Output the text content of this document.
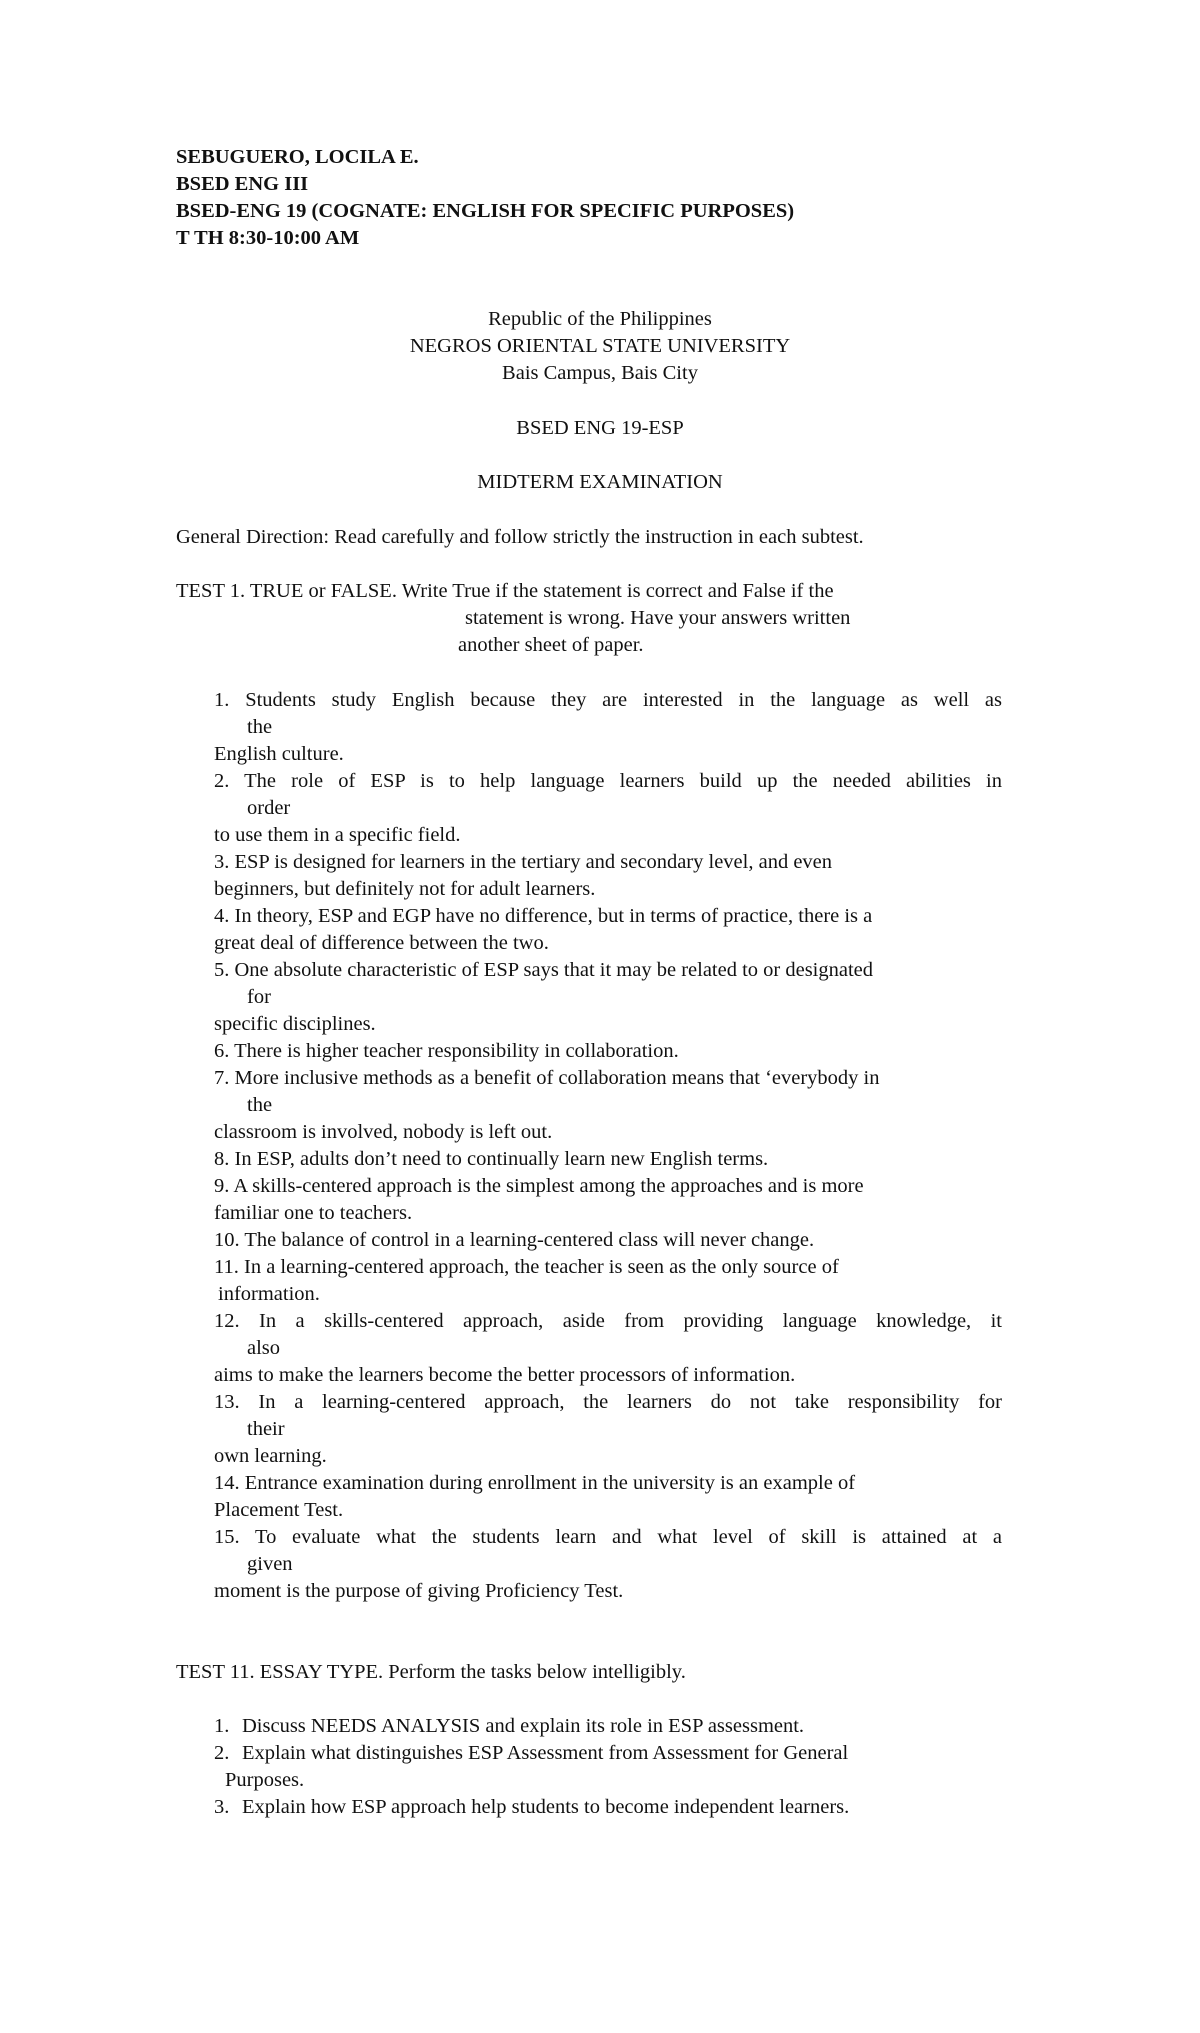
SEBUGUERO, LOCILA E.
BSED ENG III
BSED-ENG 19 (COGNATE: ENGLISH FOR SPECIFIC PURPOSES)
T TH 8:30-10:00 AM
Republic of the Philippines
NEGROS ORIENTAL STATE UNIVERSITY
Bais Campus, Bais City
BSED ENG 19-ESP
MIDTERM EXAMINATION
General Direction: Read carefully and follow strictly the instruction in each subtest.
TEST 1. TRUE or FALSE. Write True if the statement is correct and False if the
statement is wrong. Have your answers written
another sheet of paper.
1. Students study English because they are interested in the language as well as
the
English culture.
2. The role of ESP is to help language learners build up the needed abilities in
order
to use them in a specific field.
3. ESP is designed for learners in the tertiary and secondary level, and even
beginners, but definitely not for adult learners.
4. In theory, ESP and EGP have no difference, but in terms of practice, there is a
great deal of difference between the two.
5. One absolute characteristic of ESP says that it may be related to or designated
for
specific disciplines.
6. There is higher teacher responsibility in collaboration.
7. More inclusive methods as a benefit of collaboration means that ‘everybody in
the
classroom is involved, nobody is left out.
8. In ESP, adults don’t need to continually learn new English terms.
9. A skills-centered approach is the simplest among the approaches and is more
familiar one to teachers.
10. The balance of control in a learning-centered class will never change.
11. In a learning-centered approach, the teacher is seen as the only source of
information.
12. In a skills-centered approach, aside from providing language knowledge, it
also
aims to make the learners become the better processors of information.
13. In a learning-centered approach, the learners do not take responsibility for
their
own learning.
14. Entrance examination during enrollment in the university is an example of
Placement Test.
15. To evaluate what the students learn and what level of skill is attained at a
given
moment is the purpose of giving Proficiency Test.
TEST 11. ESSAY TYPE. Perform the tasks below intelligibly.
1. Discuss NEEDS ANALYSIS and explain its role in ESP assessment.
2. Explain what distinguishes ESP Assessment from Assessment for General
Purposes.
3. Explain how ESP approach help students to become independent learners.
